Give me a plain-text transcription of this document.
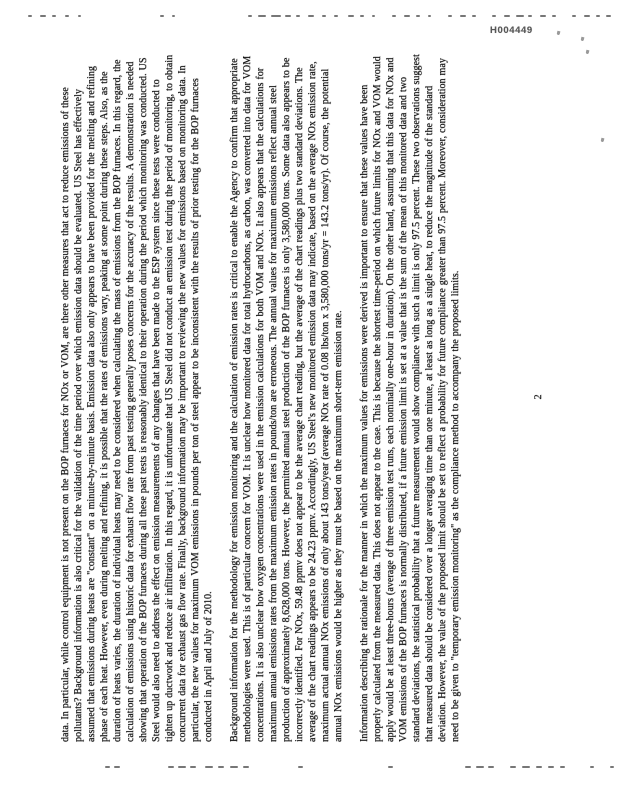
H004449

data. In particular, while control equipment is not present on the BOP furnaces for NOx or VOM, are there other measures that act to reduce emissions of these pollutants? Background information is also critical for the validation of the time period over which emission data should be evaluated. US Steel has effectively assumed that emissions during heats are "constant" on a minute-by-minute basis. Emission data also only appears to have been provided for the melting and refining phase of each heat. However, even during melting and refining, it is possible that the rates of emissions vary, peaking at some point during these steps. Also, as the duration of heats varies, the duration of individual heats may need to be considered when calculating the mass of emissions from the BOP furnaces. In this regard, the calculation of emissions using historic data for exhaust flow rate from past testing generally poses concerns for the accuracy of the results. A demonstration is needed showing that operation of the BOP furnaces during all these past tests is reasonably identical to their operation during the period which monitoring was conducted. US Steel would also need to address the effect on emission measurements of any changes that have been made to the ESP system since these tests were conducted to tighten up ductwork and reduce air infiltration. In this regard, it is unfortunate that US Steel did not conduct an emission test during the period of monitoring, to obtain concurrent data for exhaust gas flow rate. Finally, background information may be important to reviewing the new values for emissions based on monitoring data. In particular, the new values for maximum VOM emissions in pounds per ton of steel appear to be inconsistent with the results of prior testing for the BOP furnaces conducted in April and July of 2010. Background information for the methodology for emission monitoring and the calculation of emission rates is critical to enable the Agency to confirm that appropriate methodologies were used. This is of particular concern for VOM. It is unclear how monitored data for total hydrocarbons, as carbon, was converted into data for VOM concentrations. It is also unclear how oxygen concentrations were used in the emission calculations for both VOM and NOx. It also appears that the calculations for maximum annual emissions rates from the maximum emission rates in pounds/ton are erroneous. The annual values for maximum emissions reflect annual steel production of approximately 8,628,000 tons. However, the permitted annual steel production of the BOP furnaces is only 3,580,000 tons. Some data also appears to be incorrectly identified. For NOx, 59.48 ppmv does not appear to be the average chart reading, but the average of the chart readings plus two standard deviations. The average of the chart readings appears to be 24.23 ppmv. Accordingly, US Steel's new monitored emission data may indicate, based on the average NOx emission rate, maximum actual annual NOx emissions of only about 143 tons/year (average NOx rate of 0.08 lbs/ton x 3,580,000 tons/yr = 143.2 tons/yr). Of course, the potential annual NOx emissions would be higher as they must be based on the maximum short-term emission rate. Information describing the rationale for the manner in which the maximum values for emissions were derived is important to ensure that these values have been properly calculated from the measured data. This does not appear to the case. This is because the shortest time-period on which future limits for NOx and VOM would apply would be at least three-hours (average of three emission test runs, each nominally one-hour in duration). On the other hand, assuming that this data for NOx and VOM emissions of the BOP furnaces is normally distributed, if a future emission limit is set at a value that is the sum of the mean of this monitored data and two standard deviations, the statistical probability that a future measurement would show compliance with such a limit is only 97.5 percent. These two observations suggest that measured data should be considered over a longer averaging time than one minute, at least as long as a single heat, to reduce the magnitude of the standard deviation. However, the value of the proposed limit should be set to reflect a probability for future compliance greater than 97.5 percent. Moreover, consideration may need to be given to "temporary emission monitoring" as the compliance method to accompany the proposed limits.	2
